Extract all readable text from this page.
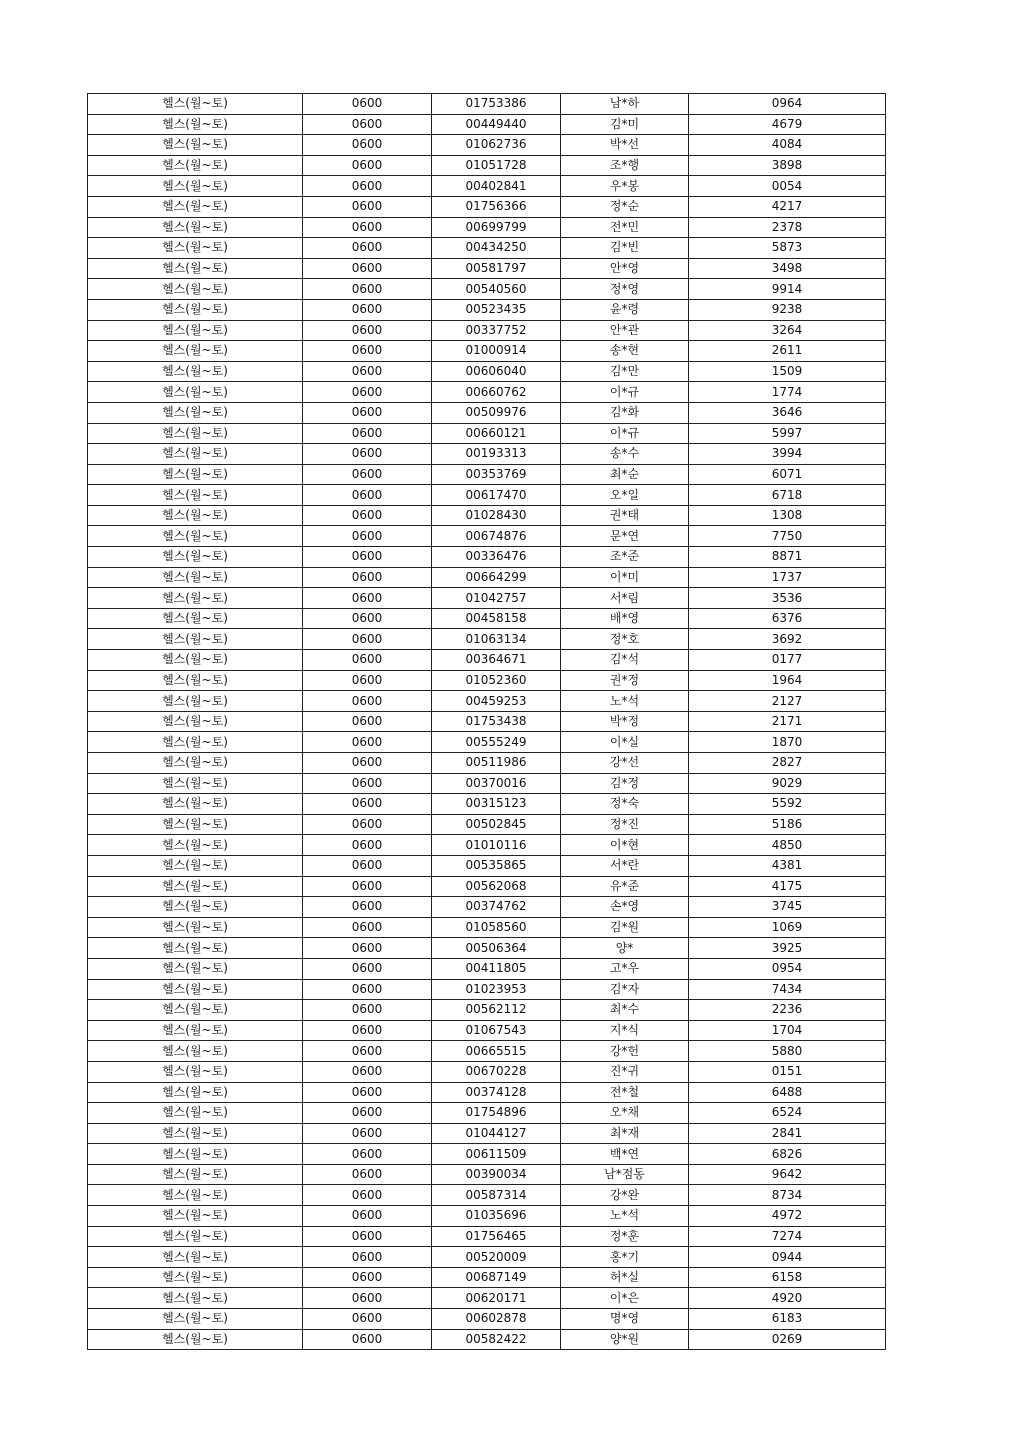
헬스(월~토)	0600	01753386	남*하	0964
헬스(월~토)	0600	00449440	김*미	4679
헬스(월~토)	0600	01062736	박*선	4084
헬스(월~토)	0600	01051728	조*행	3898
헬스(월~토)	0600	00402841	우*봉	0054
헬스(월~토)	0600	01756366	정*순	4217
헬스(월~토)	0600	00699799	전*민	2378
헬스(월~토)	0600	00434250	김*빈	5873
헬스(월~토)	0600	00581797	안*영	3498
헬스(월~토)	0600	00540560	정*영	9914
헬스(월~토)	0600	00523435	윤*령	9238
헬스(월~토)	0600	00337752	안*관	3264
헬스(월~토)	0600	01000914	송*현	2611
헬스(월~토)	0600	00606040	김*만	1509
헬스(월~토)	0600	00660762	이*규	1774
헬스(월~토)	0600	00509976	김*화	3646
헬스(월~토)	0600	00660121	이*규	5997
헬스(월~토)	0600	00193313	송*수	3994
헬스(월~토)	0600	00353769	최*순	6071
헬스(월~토)	0600	00617470	오*일	6718
헬스(월~토)	0600	01028430	권*태	1308
헬스(월~토)	0600	00674876	문*연	7750
헬스(월~토)	0600	00336476	조*준	8871
헬스(월~토)	0600	00664299	이*미	1737
헬스(월~토)	0600	01042757	서*림	3536
헬스(월~토)	0600	00458158	배*영	6376
헬스(월~토)	0600	01063134	정*호	3692
헬스(월~토)	0600	00364671	김*석	0177
헬스(월~토)	0600	01052360	권*정	1964
헬스(월~토)	0600	00459253	노*석	2127
헬스(월~토)	0600	01753438	박*정	2171
헬스(월~토)	0600	00555249	이*실	1870
헬스(월~토)	0600	00511986	강*선	2827
헬스(월~토)	0600	00370016	김*정	9029
헬스(월~토)	0600	00315123	정*숙	5592
헬스(월~토)	0600	00502845	정*진	5186
헬스(월~토)	0600	01010116	이*현	4850
헬스(월~토)	0600	00535865	서*란	4381
헬스(월~토)	0600	00562068	유*준	4175
헬스(월~토)	0600	00374762	손*영	3745
헬스(월~토)	0600	01058560	김*원	1069
헬스(월~토)	0600	00506364	양*	3925
헬스(월~토)	0600	00411805	고*우	0954
헬스(월~토)	0600	01023953	김*자	7434
헬스(월~토)	0600	00562112	최*수	2236
헬스(월~토)	0600	01067543	지*식	1704
헬스(월~토)	0600	00665515	강*헌	5880
헬스(월~토)	0600	00670228	진*귀	0151
헬스(월~토)	0600	00374128	전*철	6488
헬스(월~토)	0600	01754896	오*채	6524
헬스(월~토)	0600	01044127	최*재	2841
헬스(월~토)	0600	00611509	백*연	6826
헬스(월~토)	0600	00390034	남*점동	9642
헬스(월~토)	0600	00587314	강*완	8734
헬스(월~토)	0600	01035696	노*석	4972
헬스(월~토)	0600	01756465	정*훈	7274
헬스(월~토)	0600	00520009	홍*기	0944
헬스(월~토)	0600	00687149	허*실	6158
헬스(월~토)	0600	00620171	이*은	4920
헬스(월~토)	0600	00602878	명*영	6183
헬스(월~토)	0600	00582422	양*원	0269
